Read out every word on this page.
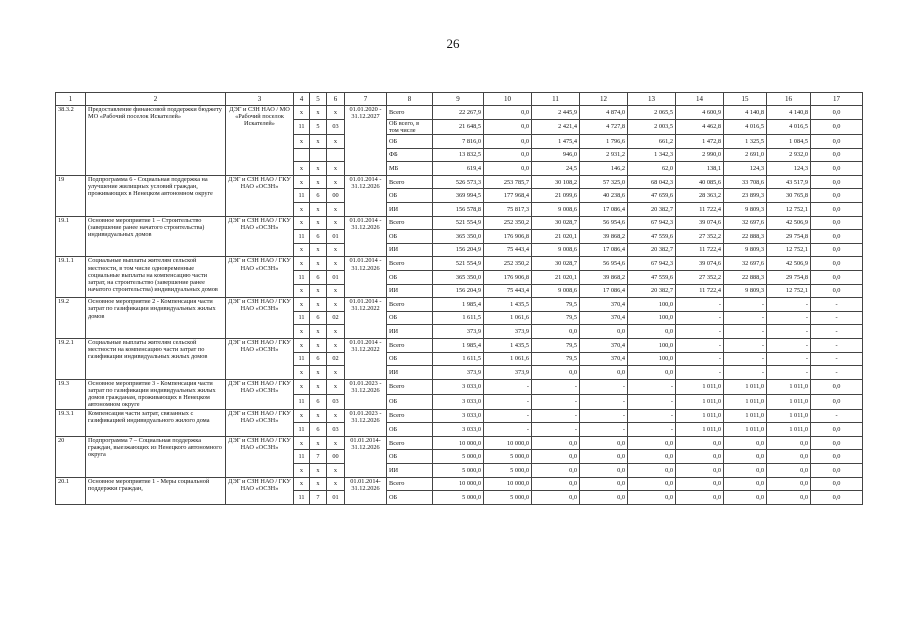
26
1	2	3	4	5	6	7	8	9	10	11	12	13	14	15	16	17
38.3.2	Предоставление финансовой поддержки бюджету МО «Рабочий поселок Искателей»	ДЭГ и СЗН НАО / МО «Рабочий поселок Искателей»	х	х	х	01.01.2020 - 31.12.2027	Всего	22 267,9	0,0	2 445,9	4 874,0	2 065,5	4 600,9	4 140,8	4 140,8	0,0
			11	5	03		ОБ всего, в том числе	21 648,5	0,0	2 421,4	4 727,8	2 003,5	4 462,8	4 016,5	4 016,5	0,0
			х	х	х		ОБ	7 816,0	0,0	1 475,4	1 796,6	661,2	1 472,8	1 325,5	1 084,5	0,0
							ФБ	13 832,5	0,0	946,0	2 931,2	1 342,3	2 990,0	2 691,0	2 932,0	0,0
			х	х	х		МБ	619,4	0,0	24,5	146,2	62,0	138,1	124,3	124,3	0,0
19	Подпрограмма 6 - Социальная поддержка на улучшение жилищных условий граждан, проживающих в Ненецком автономном округе	ДЭГ и СЗН НАО / ГКУ НАО «ОСЗН»	х	х	х	01.01.2014 - 31.12.2026	Всего	526 573,3	253 785,7	30 108,2	57 325,0	68 042,3	40 085,6	33 708,6	43 517,9	0,0
			11	6	00		ОБ	369 994,5	177 968,4	21 099,6	40 238,6	47 659,6	28 363,2	23 899,3	30 765,8	0,0
			х	х	х		ИИ	156 578,8	75 817,3	9 008,6	17 086,4	20 382,7	11 722,4	9 809,3	12 752,1	0,0
19.1	Основное мероприятие 1 – Строительство (завершение ранее начатого строительства) индивидуальных домов	ДЭГ и СЗН НАО / ГКУ НАО «ОСЗН»	х	х	х	01.01.2014 - 31.12.2026	Всего	521 554,9	252 350,2	30 028,7	56 954,6	67 942,3	39 074,6	32 697,6	42 506,9	0,0
			11	6	01		ОБ	365 350,0	176 906,8	21 020,1	39 868,2	47 559,6	27 352,2	22 888,3	29 754,8	0,0
			х	х	х		ИИ	156 204,9	75 443,4	9 008,6	17 086,4	20 382,7	11 722,4	9 809,3	12 752,1	0,0
19.1.1	Социальные выплаты жителям сельской местности, в том числе одновременные социальные выплаты на компенсацию части затрат, на строительство (завершение ранее начатого строительства) индивидуальных домов	ДЭГ и СЗН НАО / ГКУ НАО «ОСЗН»	х	х	х	01.01.2014 - 31.12.2026	Всего	521 554,9	252 350,2	30 028,7	56 954,6	67 942,3	39 074,6	32 697,6	42 506,9	0,0
			11	6	01		ОБ	365 350,0	176 906,8	21 020,1	39 868,2	47 559,6	27 352,2	22 888,3	29 754,8	0,0
			х	х	х		ИИ	156 204,9	75 443,4	9 008,6	17 086,4	20 382,7	11 722,4	9 809,3	12 752,1	0,0
19.2	Основное мероприятие 2 - Компенсация части затрат по газификации индивидуальных жилых домов	ДЭГ и СЗН НАО / ГКУ НАО «ОСЗН»	х	х	х	01.01.2014 - 31.12.2022	Всего	1 985,4	1 435,5	79,5	370,4	100,0	-	-	-	-
			11	6	02		ОБ	1 611,5	1 061,6	79,5	370,4	100,0	-	-	-	-
			х	х	х		ИИ	373,9	373,9	0,0	0,0	0,0	-	-	-	-
19.2.1	Социальные выплаты жителям сельской местности на компенсацию части затрат по газификации индивидуальных жилых домов	ДЭГ и СЗН НАО / ГКУ НАО «ОСЗН»	х	х	х	01.01.2014 - 31.12.2022	Всего	1 985,4	1 435,5	79,5	370,4	100,0	-	-	-	-
			11	6	02		ОБ	1 611,5	1 061,6	79,5	370,4	100,0	-	-	-	-
			х	х	х		ИИ	373,9	373,9	0,0	0,0	0,0	-	-	-	-
19.3	Основное мероприятие 3 - Компенсация части затрат по газификации индивидуальных жилых домов гражданам, проживающих в Ненецком автономном округе	ДЭГ и СЗН НАО / ГКУ НАО «ОСЗН»	х	х	х	01.01.2023 - 31.12.2026	Всего	3 033,0	-	-	-	-	1 011,0	1 011,0	1 011,0	0,0
			11	6	03		ОБ	3 033,0	-	-	-	-	1 011,0	1 011,0	1 011,0	0,0
19.3.1	Компенсация части затрат, связанных с газификацией индивидуального жилого дома	ДЭГ и СЗН НАО / ГКУ НАО «ОСЗН»	х	х	х	01.01.2023 - 31.12.2026	Всего	3 033,0	-	-	-	-	1 011,0	1 011,0	1 011,0	-
			11	6	03		ОБ	3 033,0	-	-	-	-	1 011,0	1 011,0	1 011,0	0,0
20	Подпрограмма 7 – Социальная поддержка граждан, выезжающих из Ненецкого автономного округа	ДЭГ и СЗН НАО / ГКУ НАО «ОСЗН»	х	х	х	01.01.2014- 31.12.2026	Всего	10 000,0	10 000,0	0,0	0,0	0,0	0,0	0,0	0,0	0,0
			11	7	00		ОБ	5 000,0	5 000,0	0,0	0,0	0,0	0,0	0,0	0,0	0,0
			х	х	х		ИИ	5 000,0	5 000,0	0,0	0,0	0,0	0,0	0,0	0,0	0,0
20.1	Основное мероприятие 1 - Меры социальной поддержки граждан,	ДЭГ и СЗН НАО / ГКУ НАО «ОСЗН»	х	х	х	01.01.2014- 31.12.2026	Всего	10 000,0	10 000,0	0,0	0,0	0,0	0,0	0,0	0,0	0,0
			11	7	01		ОБ	5 000,0	5 000,0	0,0	0,0	0,0	0,0	0,0	0,0	0,0
